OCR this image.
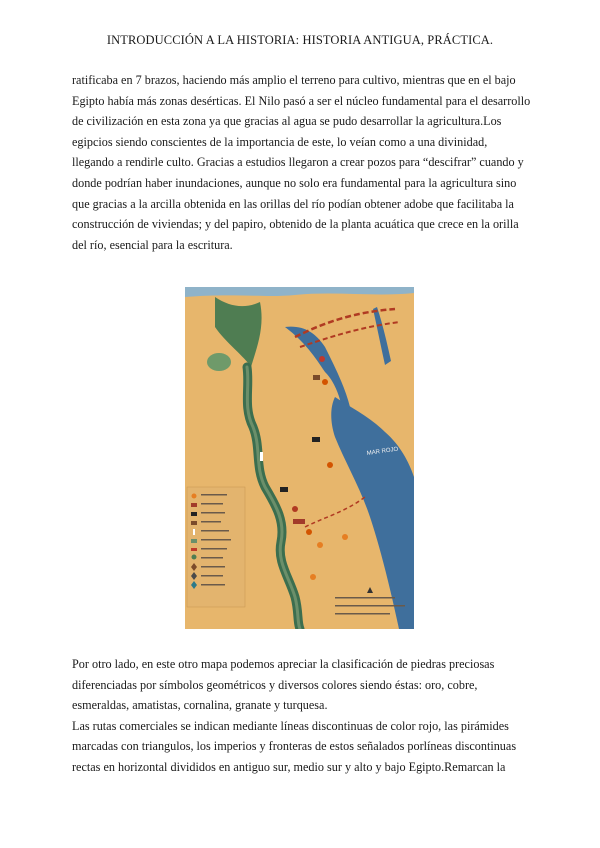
INTRODUCCIÓN A LA HISTORIA: HISTORIA ANTIGUA, PRÁCTICA.
ratificaba en 7 brazos, haciendo más amplio el terreno para cultivo, mientras que en el bajo
Egipto había más zonas desérticas. El Nilo pasó a ser el núcleo fundamental para el desarrollo
de civilización en esta zona ya que gracias al agua se pudo desarrollar la agricultura.Los
egipcios siendo conscientes de la importancia de este, lo veían como a una divinidad,
llegando a rendirle culto. Gracias a estudios llegaron a crear pozos para “descifrar” cuando y
donde podrían haber inundaciones, aunque no solo era fundamental para la agricultura sino
que gracias a la arcilla obtenida en las orillas del río podían obtener adobe que facilitaba la
construcción de viviendas; y del papiro, obtenido de la planta acuática que crece en la orilla
del río, esencial para la escritura.
MAR ROJO
Por otro lado, en este otro mapa podemos apreciar la clasificación de piedras preciosas
diferenciadas por símbolos geométricos y diversos colores siendo éstas: oro, cobre,
esmeraldas, amatistas, cornalina, granate y turquesa.
Las rutas comerciales se indican mediante líneas discontinuas de color rojo, las pirámides
marcadas con triangulos, los imperios y fronteras de estos señalados porlíneas discontinuas
rectas en horizontal divididos en antiguo sur, medio sur y alto y bajo Egipto.Remarcan la
